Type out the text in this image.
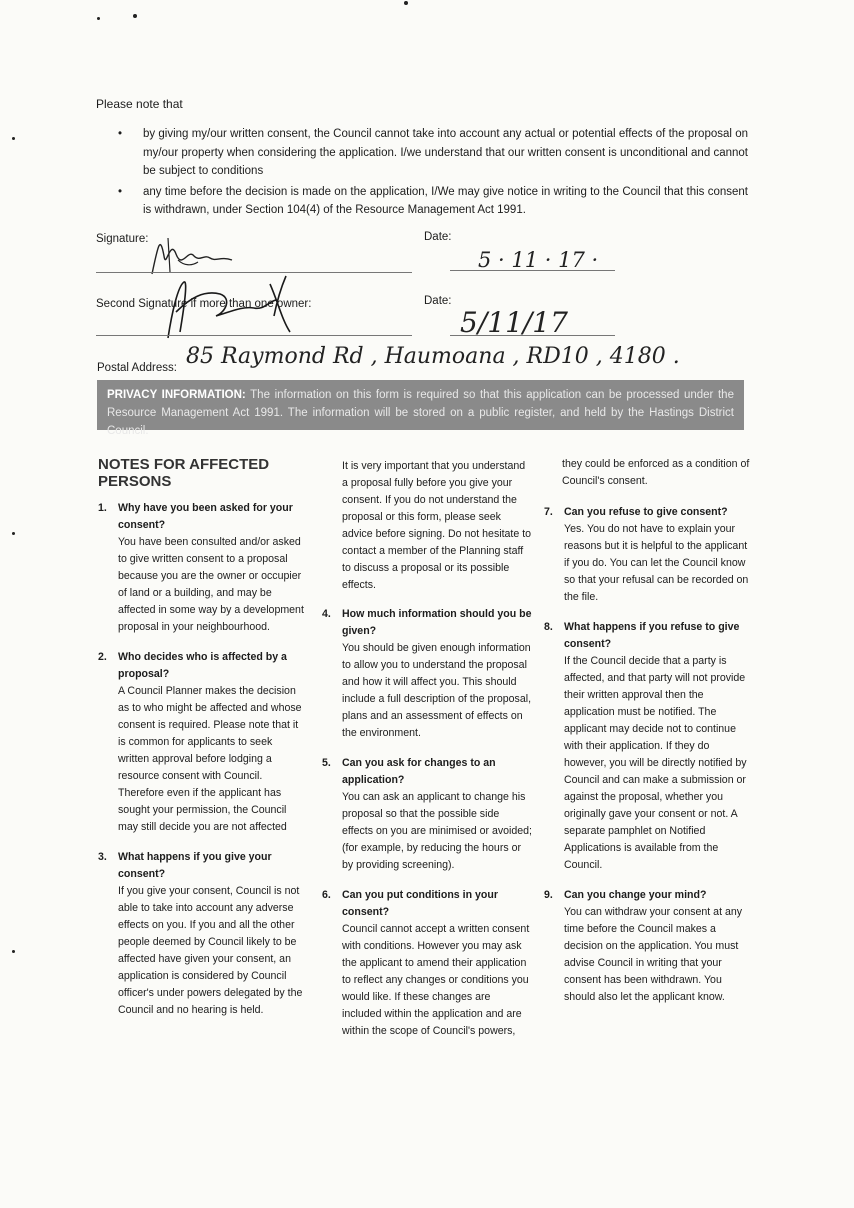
Please note that
• by giving my/our written consent, the Council cannot take into account any actual or potential effects of the proposal on my/our property when considering the application. I/we understand that our written consent is unconditional and cannot be subject to conditions
• any time before the decision is made on the application, I/We may give notice in writing to the Council that this consent is withdrawn, under Section 104(4) of the Resource Management Act 1991.
Signature:	Date:
5 · 11 · 17 ·
Second Signature if more than one owner:	Date:
5/11/17
Postal Address: 85 Raymond Rd , Haumoana , RD10 , 4180 .
PRIVACY INFORMATION: The information on this form is required so that this application can be processed under the Resource Management Act 1991. The information will be stored on a public register, and held by the Hastings District Council.
NOTES FOR AFFECTED PERSONS
1. Why have you been asked for your consent?

You have been consulted and/or asked to give written consent to a proposal because you are the owner or occupier of land or a building, and may be affected in some way by a development proposal in your neighbourhood.

2. Who decides who is affected by a proposal?

A Council Planner makes the decision as to who might be affected and whose consent is required. Please note that it is common for applicants to seek written approval before lodging a resource consent with Council. Therefore even if the applicant has sought your permission, the Council may still decide you are not affected

3. What happens if you give your consent?

If you give your consent, Council is not able to take into account any adverse effects on you. If you and all the other people deemed by Council likely to be affected have given your consent, an application is considered by Council officer's under powers delegated by the Council and no hearing is held.

It is very important that you understand a proposal fully before you give your consent. If you do not understand the proposal or this form, please seek advice before signing. Do not hesitate to contact a member of the Planning staff to discuss a proposal or its possible effects.

4. How much information should you be given?

You should be given enough information to allow you to understand the proposal and how it will affect you. This should include a full description of the proposal, plans and an assessment of effects on the environment.

5. Can you ask for changes to an application?

You can ask an applicant to change his proposal so that the possible side effects on you are minimised or avoided; (for example, by reducing the hours or by providing screening).

6. Can you put conditions in your consent?

Council cannot accept a written consent with conditions. However you may ask the applicant to amend their application to reflect any changes or conditions you would like. If these changes are included within the application and are within the scope of Council's powers,

they could be enforced as a condition of Council's consent.

7. Can you refuse to give consent?

Yes. You do not have to explain your reasons but it is helpful to the applicant if you do. You can let the Council know so that your refusal can be recorded on the file.

8. What happens if you refuse to give consent?

If the Council decide that a party is affected, and that party will not provide their written approval then the application must be notified. The applicant may decide not to continue with their application. If they do however, you will be directly notified by Council and can make a submission or against the proposal, whether you originally gave your consent or not. A separate pamphlet on Notified Applications is available from the Council.

9. Can you change your mind?

You can withdraw your consent at any time before the Council makes a decision on the application. You must advise Council in writing that your consent has been withdrawn. You should also let the applicant know.
